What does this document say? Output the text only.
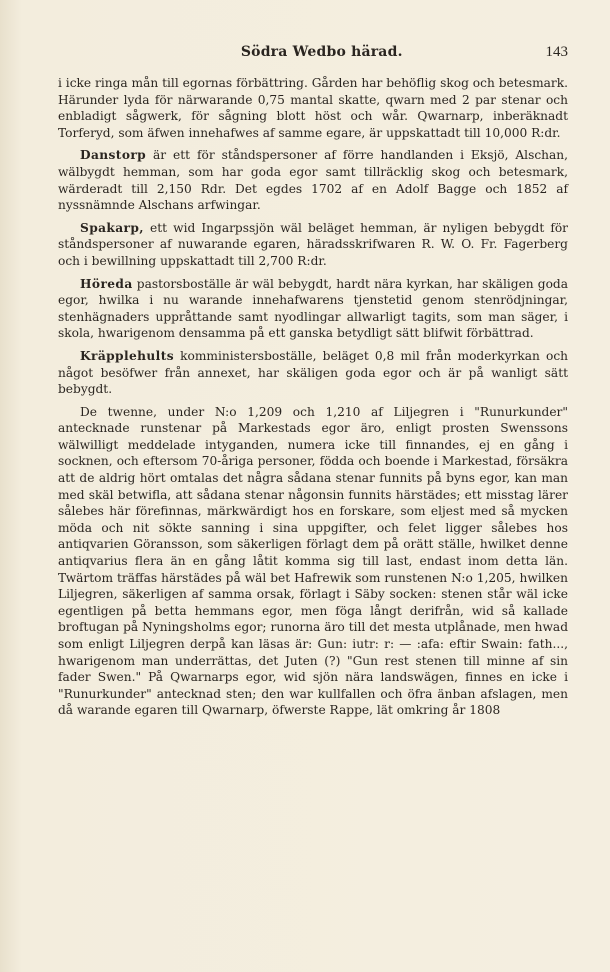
Södra Wedbo härad.	143

i icke ringa mån till egornas förbättring. Gården har behöflig skog och betesmark. Härunder lyda för närwarande 0,75 mantal skatte, qwarn med 2 par stenar och enbladigt sågwerk, för sågning blott höst och wår. Qwarnarp, inberäknadt Torferyd, som äfwen innehafwes af samme egare, är uppskattadt till 10,000 R:dr.

Danstorp är ett för ståndspersoner af förre handlanden i Eksjö, Alschan, wälbygdt hemman, som har goda egor samt tillräcklig skog och betesmark, wärderadt till 2,150 Rdr. Det egdes 1702 af en Adolf Bagge och 1852 af nyssnämnde Alschans arfwingar.

Spakarp, ett wid Ingarpssjön wäl beläget hemman, är nyligen bebygdt för ståndspersoner af nuwarande egaren, häradsskrifwaren R. W. O. Fr. Fagerberg och i bewillning uppskattadt till 2,700 R:dr.

Höreda pastorsboställe är wäl bebygdt, hardt nära kyrkan, har skäligen goda egor, hwilka i nu warande innehafwarens tjenstetid genom stenrödjningar, stenhägnaders uppråttande samt nyodlingar allwarligt tagits, som man säger, i skola, hwarigenom densamma på ett ganska betydligt sätt blifwit förbättrad.

Kräpplehults komministersboställe, beläget 0,8 mil från moderkyrkan och något besöfwer från annexet, har skäligen goda egor och är på wanligt sätt bebygdt.

De twenne, under N:o 1,209 och 1,210 af Liljegren i "Runurkunder" antecknade runstenar på Markestads egor äro, enligt prosten Swenssons wälwilligt meddelade intyganden, numera icke till finnandes, ej en gång i socknen, och eftersom 70-åriga personer, födda och boende i Markestad, försäkra att de aldrig hört omtalas det några sådana stenar funnits på byns egor, kan man med skäl betwifla, att sådana stenar någonsin funnits härstädes; ett misstag lärer sålebes här föreﬁnnas, märkwärdigt hos en forskare, som eljest med så mycken möda och nit sökte sanning i sina uppgifter, och felet ligger sålebes hos antiqvarien Göransson, som säkerligen förlagt dem på orätt ställe, hwilket denne antiqvarius flera än en gång låtit komma sig till last, endast inom detta län. Twärtom träffas härstädes på wäl bet Hafrewik som runstenen N:o 1,205, hwilken Liljegren, säkerligen af samma orsak, förlagt i Säby socken: stenen står wäl icke egentligen på betta hemmans egor, men föga långt derifrån, wid så kallade broftugan på Nyningsholms egor; runorna äro till det mesta utplånade, men hwad som enligt Liljegren derpå kan läsas är: Gun: iutr: r: — :afa: eftir Swain: fath..., hwarigenom man underrättas, det Juten (?) "Gun rest stenen till minne af sin fader Swen." På Qwarnarps egor, wid sjön nära landswägen, finnes en icke i "Runurkunder" antecknad sten; den war kullfallen och öfra änban afslagen, men då warande egaren till Qwarnarp, öfwerste Rappe, lät omkring år 1808
